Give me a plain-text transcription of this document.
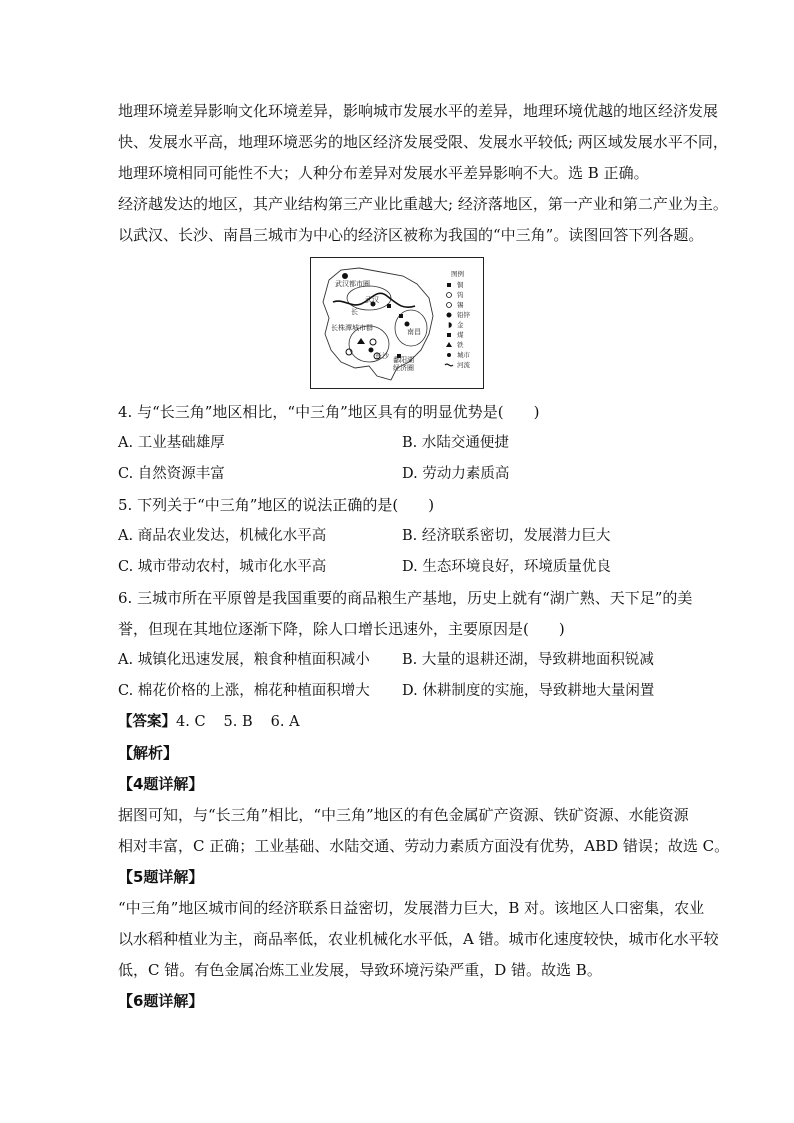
地理环境差异影响文化环境差异，影响城市发展水平的差异，地理环境优越的地区经济发展
快、发展水平高，地理环境恶劣的地区经济发展受限、发展水平较低; 两区域发展水平不同，
地理环境相同可能性不大；人种分布差异对发展水平差异影响不大。选 B 正确。
经济越发达的地区，其产业结构第三产业比重越大; 经济落地区，第一产业和第二产业为主。
以武汉、长沙、南昌三城市为中心的经济区被称为我国的“中三角”。读图回答下列各题。
武汉都市圈
武汉
长
长株潭城市群	南昌
长沙 鄱阳湖
经济圈
图例
铜
钨
锡
铅锌
金
煤
铁
城市
河流
4. 与“长三角”地区相比，“中三角”地区具有的明显优势是(　　)
A. 工业基础雄厚	B. 水陆交通便捷
C. 自然资源丰富	D. 劳动力素质高
5. 下列关于“中三角”地区的说法正确的是(　　)
A. 商品农业发达，机械化水平高	B. 经济联系密切，发展潜力巨大
C. 城市带动农村，城市化水平高	D. 生态环境良好，环境质量优良
6. 三城市所在平原曾是我国重要的商品粮生产基地，历史上就有“湖广熟、天下足”的美
誉，但现在其地位逐渐下降，除人口增长迅速外，主要原因是(　　)
A. 城镇化迅速发展，粮食种植面积减小	B. 大量的退耕还湖，导致耕地面积锐减
C. 棉花价格的上涨，棉花种植面积增大	D. 休耕制度的实施，导致耕地大量闲置
【答案】4. C 5. B 6. A
【解析】
【4题详解】
据图可知，与“长三角”相比，“中三角”地区的有色金属矿产资源、铁矿资源、水能资源
相对丰富，C 正确；工业基础、水陆交通、劳动力素质方面没有优势，ABD 错误；故选 C。
【5题详解】
“中三角”地区城市间的经济联系日益密切，发展潜力巨大，B 对。该地区人口密集，农业
以水稻种植业为主，商品率低，农业机械化水平低，A 错。城市化速度较快，城市化水平较
低，C 错。有色金属冶炼工业发展，导致环境污染严重，D 错。故选 B。
【6题详解】
